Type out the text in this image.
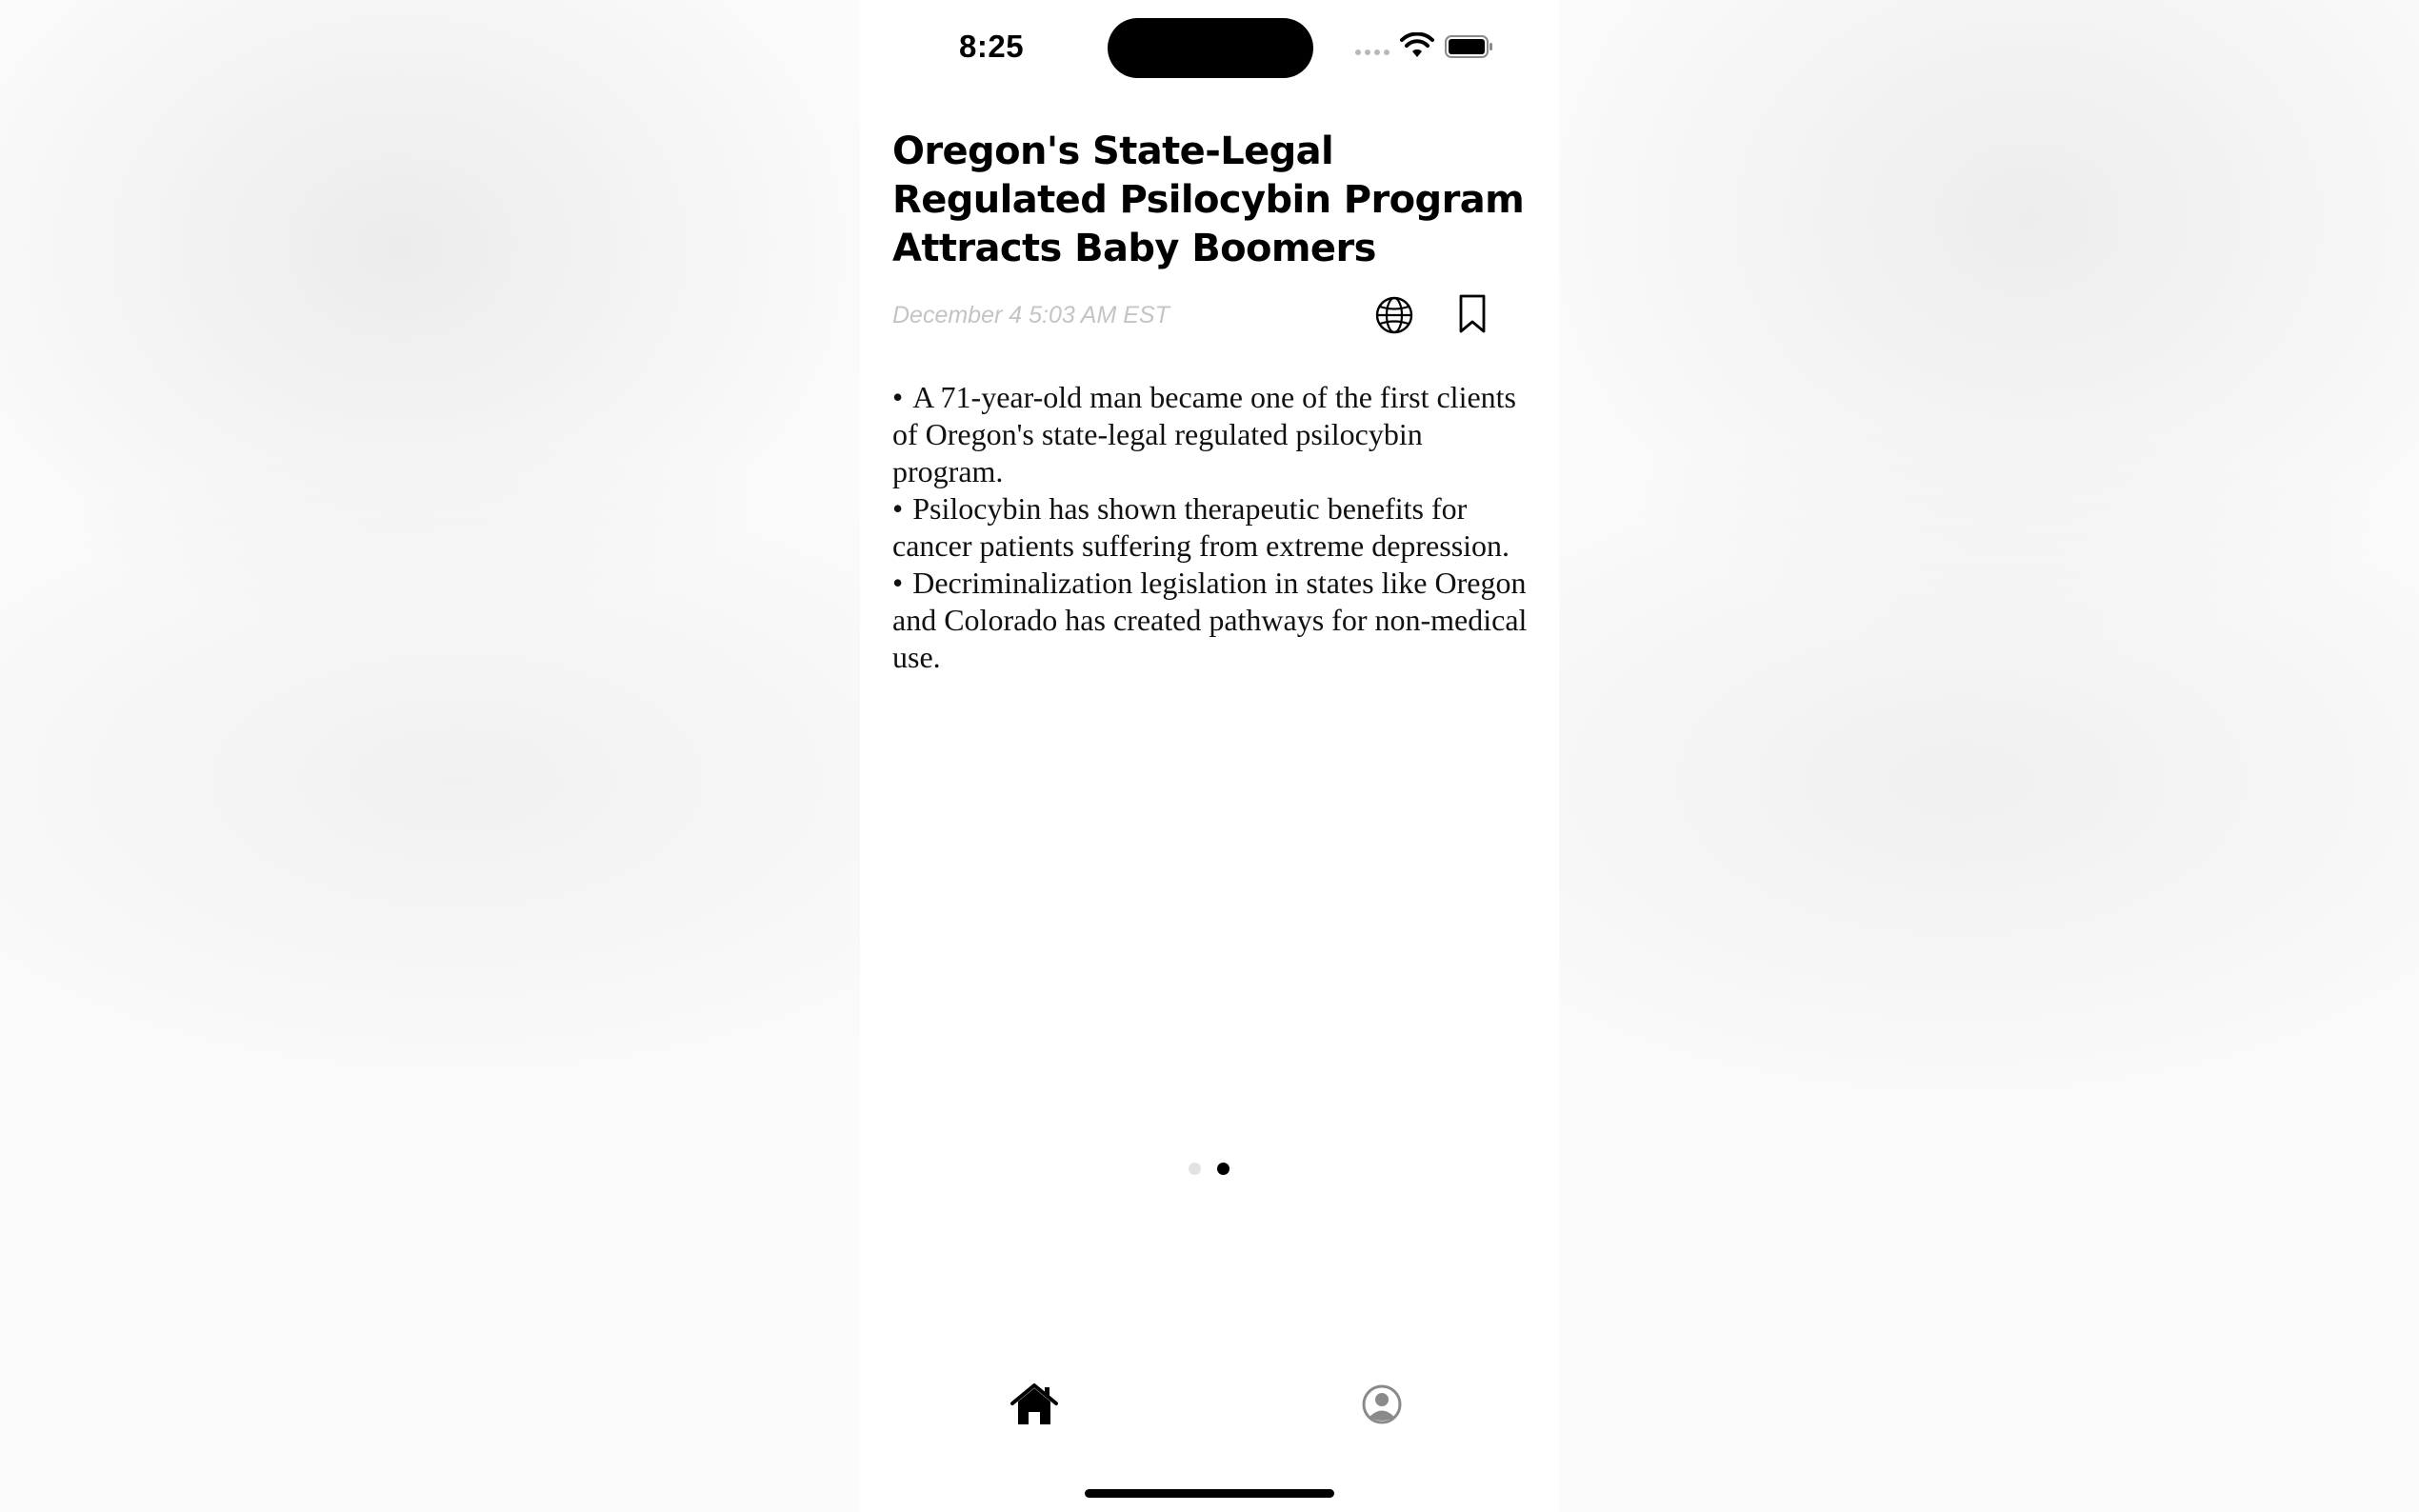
8:25
Oregon's State-Legal Regulated Psilocybin Program Attracts Baby Boomers
December 4 5:03 AM EST
• A 71-year-old man became one of the first clients of Oregon's state-legal regulated psilocybin program.
• Psilocybin has shown therapeutic benefits for cancer patients suffering from extreme depression.
• Decriminalization legislation in states like Oregon and Colorado has created pathways for non-medical use.
